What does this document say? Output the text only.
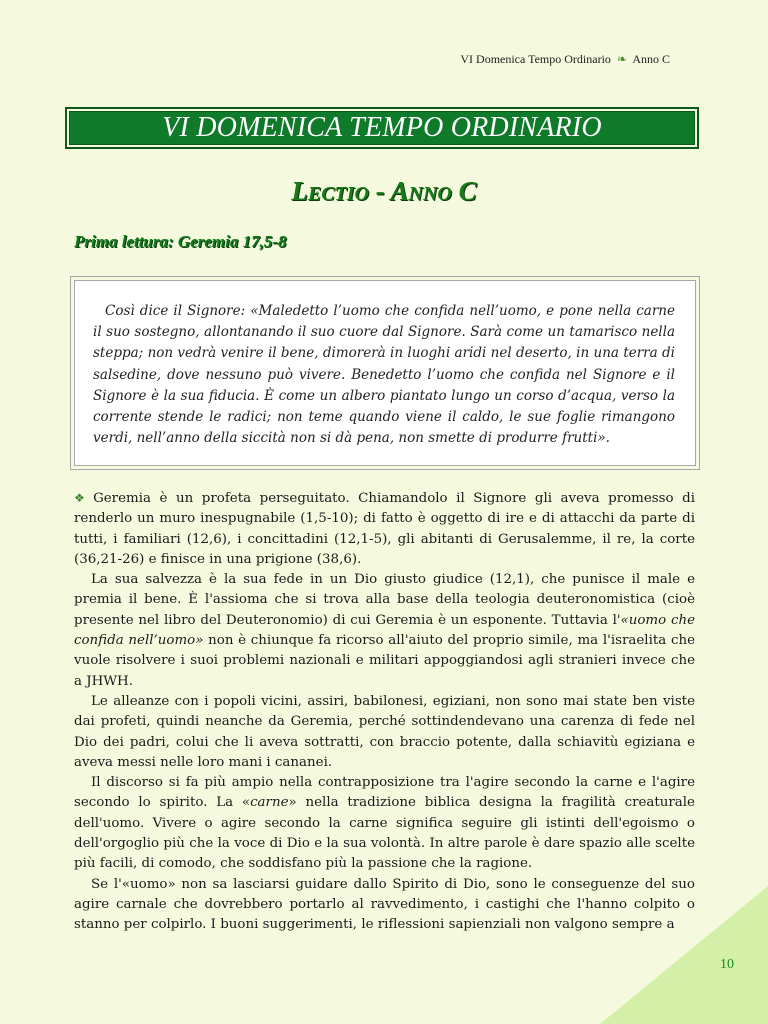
VI Domenica Tempo Ordinario ❧ Anno C
VI DOMENICA TEMPO ORDINARIO
LECTIO - ANNO C
Prima lettura: Geremia 17,5-8

Così dice il Signore: «Maledetto l’uomo che confida nell’uomo, e pone nella carne il suo sostegno, allontanando il suo cuore dal Signore. Sarà come un tamarisco nella steppa; non vedrà venire il bene, dimorerà in luoghi aridi nel deserto, in una terra di salsedine, dove nessuno può vivere. Benedetto l’uomo che confida nel Signore e il Signore è la sua fiducia. È come un albero piantato lungo un corso d’acqua, verso la corrente stende le radici; non teme quando viene il caldo, le sue foglie rimangono verdi, nell’anno della siccità non si dà pena, non smette di produrre frutti».

❖ Geremia è un profeta perseguitato. Chiamandolo il Signore gli aveva promesso di renderlo un muro inespugnabile (1,5-10); di fatto è oggetto di ire e di attacchi da parte di tutti, i familiari (12,6), i concittadini (12,1-5), gli abitanti di Gerusalemme, il re, la corte (36,21-26) e finisce in una prigione (38,6).

La sua salvezza è la sua fede in un Dio giusto giudice (12,1), che punisce il male e premia il bene. È l'assioma che si trova alla base della teologia deuteronomistica (cioè presente nel libro del Deuteronomio) di cui Geremia è un esponente. Tuttavia l'«uomo che confida nell’uomo» non è chiunque fa ricorso all'aiuto del proprio simile, ma l'israelita che vuole risolvere i suoi problemi nazionali e militari appoggiandosi agli stranieri invece che a JHWH.

Le alleanze con i popoli vicini, assiri, babilonesi, egiziani, non sono mai state ben viste dai profeti, quindi neanche da Geremia, perché sottindendevano una carenza di fede nel Dio dei padri, colui che li aveva sottratti, con braccio potente, dalla schiavitù egiziana e aveva messi nelle loro mani i cananei.

Il discorso si fa più ampio nella contrapposizione tra l'agire secondo la carne e l'agire secondo lo spirito. La «carne» nella tradizione biblica designa la fragilità creaturale dell'uomo. Vivere o agire secondo la carne significa seguire gli istinti dell'egoismo o dell'orgoglio più che la voce di Dio e la sua volontà. In altre parole è dare spazio alle scelte più facili, di comodo, che soddisfano più la passione che la ragione.

Se l'«uomo» non sa lasciarsi guidare dallo Spirito di Dio, sono le conseguenze del suo agire carnale che dovrebbero portarlo al ravvedimento, i castighi che l'hanno colpito o stanno per colpirlo. I buoni suggerimenti, le riflessioni sapienziali non valgono sempre a

10
